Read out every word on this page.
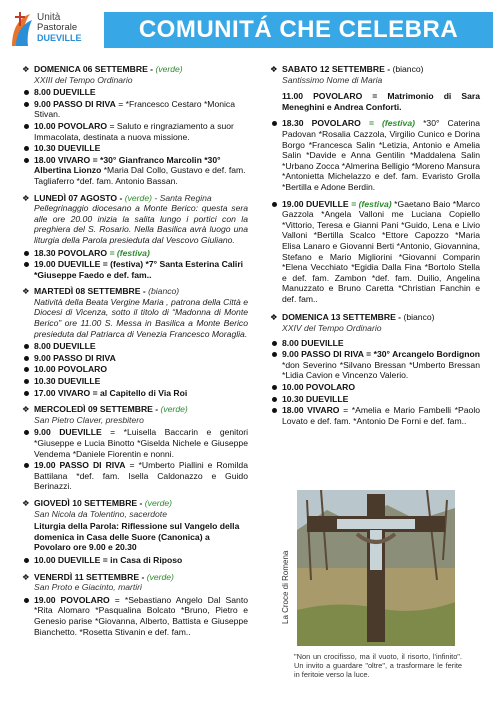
Unità
Pastorale
DUEVILLE	COMUNITÁ CHE CELEBRA
❖ DOMENICA 06 SETTEMBRE - (verde)
XXIII del Tempo Ordinario
8.00 DUEVILLE
9.00 PASSO DI RIVA = *Francesco Cestaro *Monica Stivan.
10.00 POVOLARO = Saluto e ringraziamento a suor Immacolata, destinata a nuova missione.
10.30 DUEVILLE
18.00 VIVARO = *30° Gianfranco Marcolin *30° Albertina Lionzo *Maria Dal Collo, Gustavo e def. fam. Tagliaferro *def. fam. Antonio Bassan.
❖ LUNEDÌ 07 AGOSTO - (verde) - Santa Regina
Pellegrinaggio diocesano a Monte Berico: questa sera alle ore 20.00 inizia la salita lungo i portici con la preghiera del S. Rosario. Nella Basilica avrà luogo una liturgia della Parola presieduta dal Vescovo Giuliano.
18.30 POVOLARO = (festiva)
19.00 DUEVILLE = (festiva) *7° Santa Esterina Caliri *Giuseppe Faedo e def. fam..
❖ MARTEDÌ 08 SETTEMBRE - (bianco)
Natività della Beata Vergine Maria , patrona della Città e Diocesi di Vicenza, sotto il titolo di “Madonna di Monte Berico” ore 11.00 S. Messa in Basilica a Monte Berico presieduta dal Patriarca di Venezia Francesco Moraglia.
8.00 DUEVILLE
9.00 PASSO DI RIVA
10.00 POVOLARO
10.30 DUEVILLE
17.00 VIVARO = al Capitello di Via Roi
❖ MERCOLEDÌ 09 SETTEMBRE - (verde)
San Pietro Claver, presbitero
9.00 DUEVILLE = *Luisella Baccarin e genitori *Giuseppe e Lucia Binotto *Giselda Nichele e Giuseppe Vendema *Daniele Fiorentin e nonni.
19.00 PASSO DI RIVA = *Umberto Piallini e Romilda Battilana *def. fam. Isella Caldonazzo e Guido Berinazzi.
❖ GIOVEDÌ 10 SETTEMBRE - (verde)
San Nicola da Tolentino, sacerdote
Liturgia della Parola: Riflessione sul Vangelo della domenica in Casa delle Suore (Canonica) a Povolaro ore 9.00 e 20.30
10.00 DUEVILLE = in Casa di Riposo
❖ VENERDÌ 11 SETTEMBRE - (verde)
San Proto e Giacinto, martiri
19.00 POVOLARO = *Sebastiano Angelo Dal Santo *Rita Alomaro *Pasqualina Bolcato *Bruno, Pietro e Genesio parise *Giovanna, Alberto, Battista e Giuseppe Bianchetto. *Rosetta Stivanin e def. fam..
❖ SABATO 12 SETTEMBRE - (bianco)
Santissimo Nome di Maria
11.00 POVOLARO = Matrimonio di Sara Meneghini e Andrea Conforti.
18.30 POVOLARO = (festiva) *30° Caterina Padovan *Rosalia Cazzola, Virgilio Cunico e Dorina Borgo *Francesca Salin *Letizia, Antonio e Amelia Salin *Davide e Anna Gentilin *Maddalena Salin *Urbano Zocca *Almerina Belligio *Moreno Mansura *Antonietta Michelazzo e def. fam. Evaristo Grolla *Bertilla e Adone Berdin.
19.00 DUEVILLE = (festiva) *Gaetano Baio *Marco Gazzola *Angela Valloni me Luciana Copiello *Vittorio, Teresa e Gianni Pani *Guido, Lena e Livio Valloni *Bertilla Scalco *Ettore Capozzo *Maria Elisa Lanaro e Giovanni Berti *Antonio, Giovannina, Stefano e Mario Migliorini *Giovanni Comparin *Elena Vecchiato *Egidia Dalla Fina *Bortolo Stella e def. fam. Zambon *def. fam. Duilio, Angelina Manuzzato e Bruno Caretta *Christian Fanchin e def. fam..
❖ DOMENICA 13 SETTEMBRE - (bianco)
XXIV del Tempo Ordinario
8.00 DUEVILLE
9.00 PASSO DI RIVA = *30° Arcangelo Bordignon *don Severino *Silvano Bressan *Umberto Bressan *Lidia Cavion e Vincenzo Valerio.
10.00 POVOLARO
10.30 DUEVILLE
18.00 VIVARO = *Amelia e Mario Fambelli *Paolo Lovato e def. fam. *Antonio De Forni e def. fam..
La Croce di Romena
"Non un crocifisso, ma il vuoto, il risorto, l'infinito". Un invito a guardare "oltre", a trasformare le ferite in feritoie verso la luce.
